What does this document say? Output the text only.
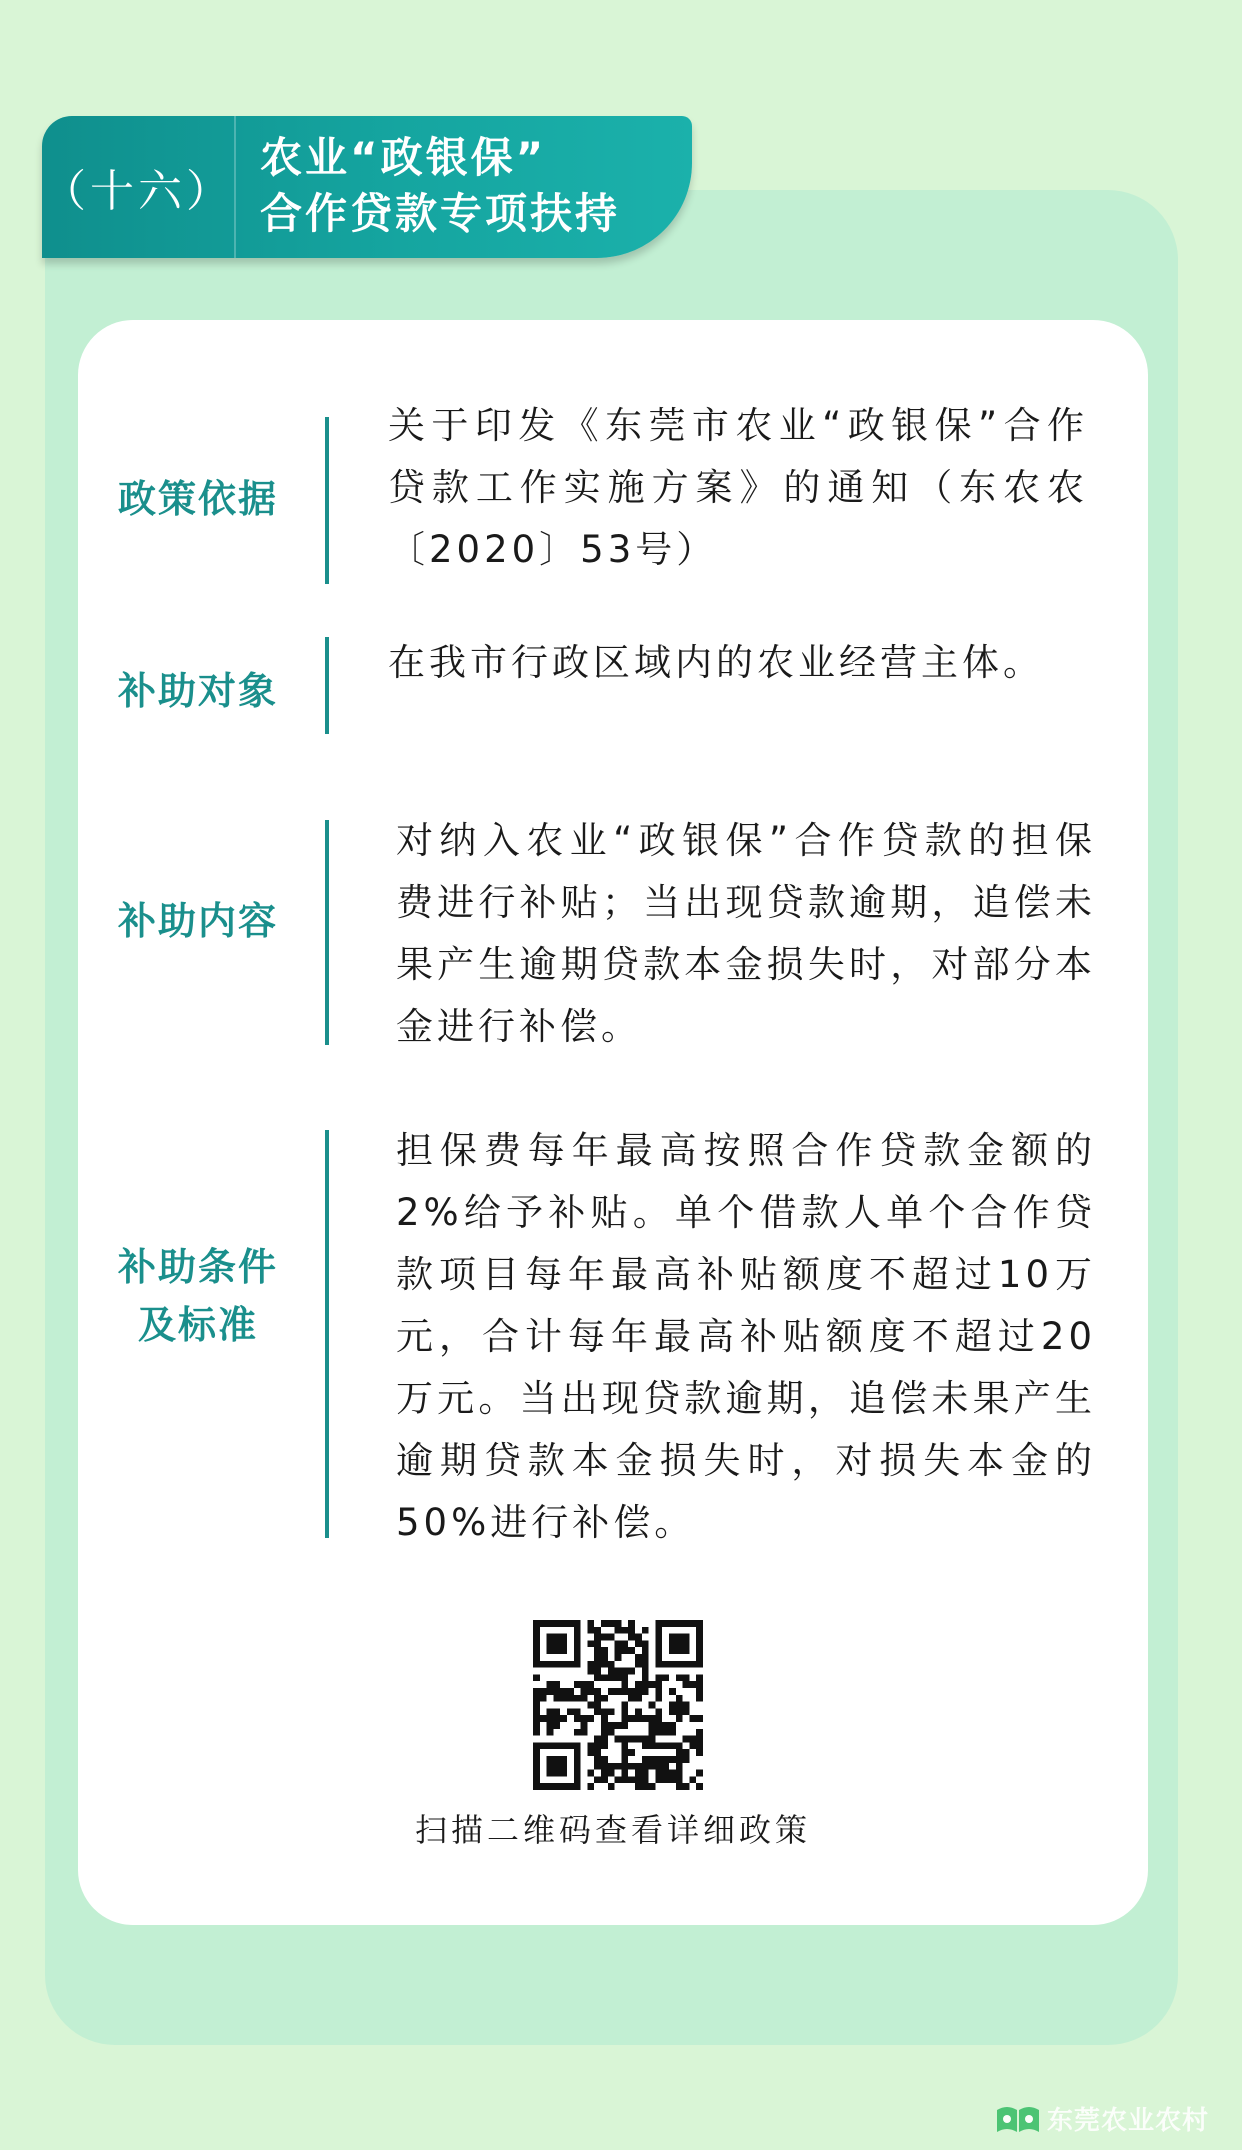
（十六）
农业“政银保”
合作贷款专项扶持
政策依据
关于印发《东莞市农业“政银保”合作贷款工作实施方案》的通知（东农农〔2020〕53号）
补助对象
在我市行政区域内的农业经营主体。
补助内容
对纳入农业“政银保”合作贷款的担保费进行补贴；当出现贷款逾期，追偿未果产生逾期贷款本金损失时，对部分本金进行补偿。
补助条件
及标准
担保费每年最高按照合作贷款金额的2%给予补贴。单个借款人单个合作贷款项目每年最高补贴额度不超过10万元，合计每年最高补贴额度不超过20万元。当出现贷款逾期，追偿未果产生逾期贷款本金损失时，对损失本金的50%进行补偿。
扫描二维码查看详细政策
东莞农业农村
